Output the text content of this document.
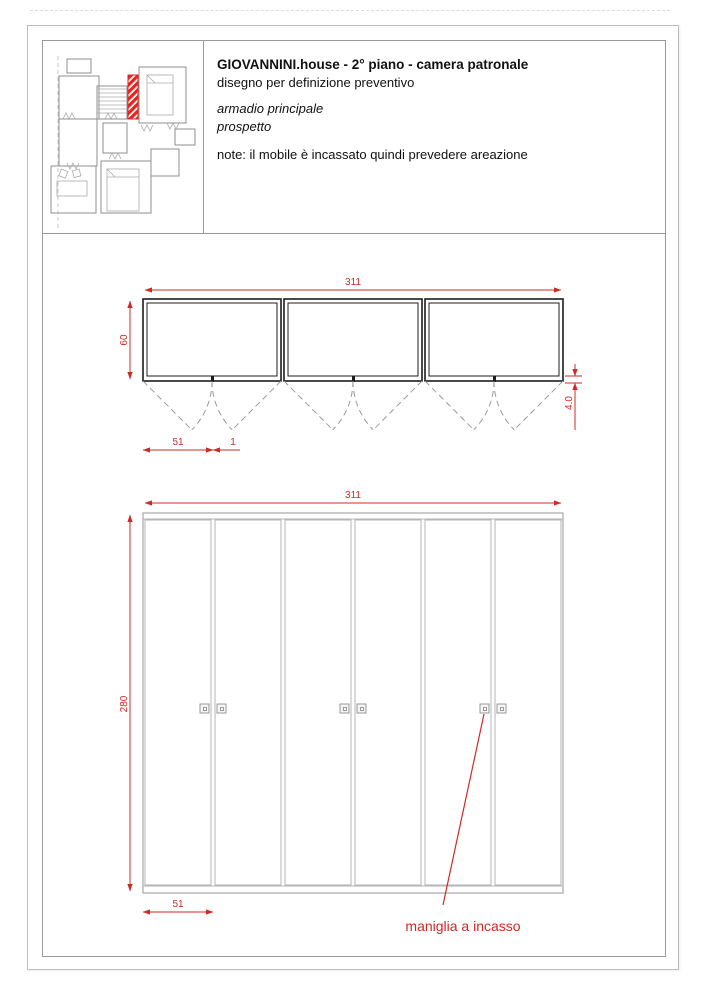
GIOVANNINI.house - 2° piano - camera patronale
disegno per definizione preventivo
armadio principale
prospetto
note: il mobile è incassato quindi prevedere areazione
311
60
4.0
51	1
311
280
51
maniglia a incasso
